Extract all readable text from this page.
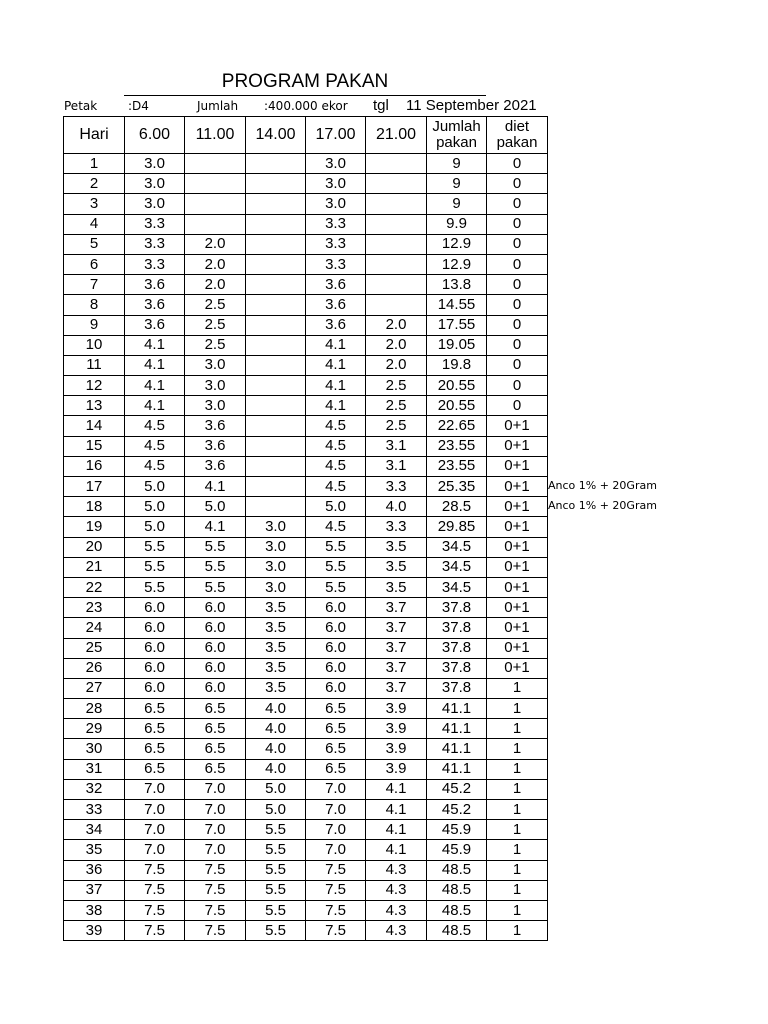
PROGRAM PAKAN
Petak	:D4	Jumlah :400.000 ekor tgl 11 September 2021
Hari	6.00	11.00	14.00	17.00	21.00	Jumlah pakan	diet pakan
1	3.0			3.0		9	0
2	3.0			3.0		9	0
3	3.0			3.0		9	0
4	3.3			3.3		9.9	0
5	3.3	2.0		3.3		12.9	0
6	3.3	2.0		3.3		12.9	0
7	3.6	2.0		3.6		13.8	0
8	3.6	2.5		3.6		14.55	0
9	3.6	2.5		3.6	2.0	17.55	0
10	4.1	2.5		4.1	2.0	19.05	0
11	4.1	3.0		4.1	2.0	19.8	0
12	4.1	3.0		4.1	2.5	20.55	0
13	4.1	3.0		4.1	2.5	20.55	0
14	4.5	3.6		4.5	2.5	22.65	0+1
15	4.5	3.6		4.5	3.1	23.55	0+1
16	4.5	3.6		4.5	3.1	23.55	0+1
17	5.0	4.1		4.5	3.3	25.35	0+1
18	5.0	5.0		5.0	4.0	28.5	0+1
19	5.0	4.1	3.0	4.5	3.3	29.85	0+1
20	5.5	5.5	3.0	5.5	3.5	34.5	0+1
21	5.5	5.5	3.0	5.5	3.5	34.5	0+1
22	5.5	5.5	3.0	5.5	3.5	34.5	0+1
23	6.0	6.0	3.5	6.0	3.7	37.8	0+1
24	6.0	6.0	3.5	6.0	3.7	37.8	0+1
25	6.0	6.0	3.5	6.0	3.7	37.8	0+1
26	6.0	6.0	3.5	6.0	3.7	37.8	0+1
27	6.0	6.0	3.5	6.0	3.7	37.8	1
28	6.5	6.5	4.0	6.5	3.9	41.1	1
29	6.5	6.5	4.0	6.5	3.9	41.1	1
30	6.5	6.5	4.0	6.5	3.9	41.1	1
31	6.5	6.5	4.0	6.5	3.9	41.1	1
32	7.0	7.0	5.0	7.0	4.1	45.2	1
33	7.0	7.0	5.0	7.0	4.1	45.2	1
34	7.0	7.0	5.5	7.0	4.1	45.9	1
35	7.0	7.0	5.5	7.0	4.1	45.9	1
36	7.5	7.5	5.5	7.5	4.3	48.5	1
37	7.5	7.5	5.5	7.5	4.3	48.5	1
38	7.5	7.5	5.5	7.5	4.3	48.5	1
39	7.5	7.5	5.5	7.5	4.3	48.5	1
Anco 1% + 20Gram
Anco 1% + 20Gram
